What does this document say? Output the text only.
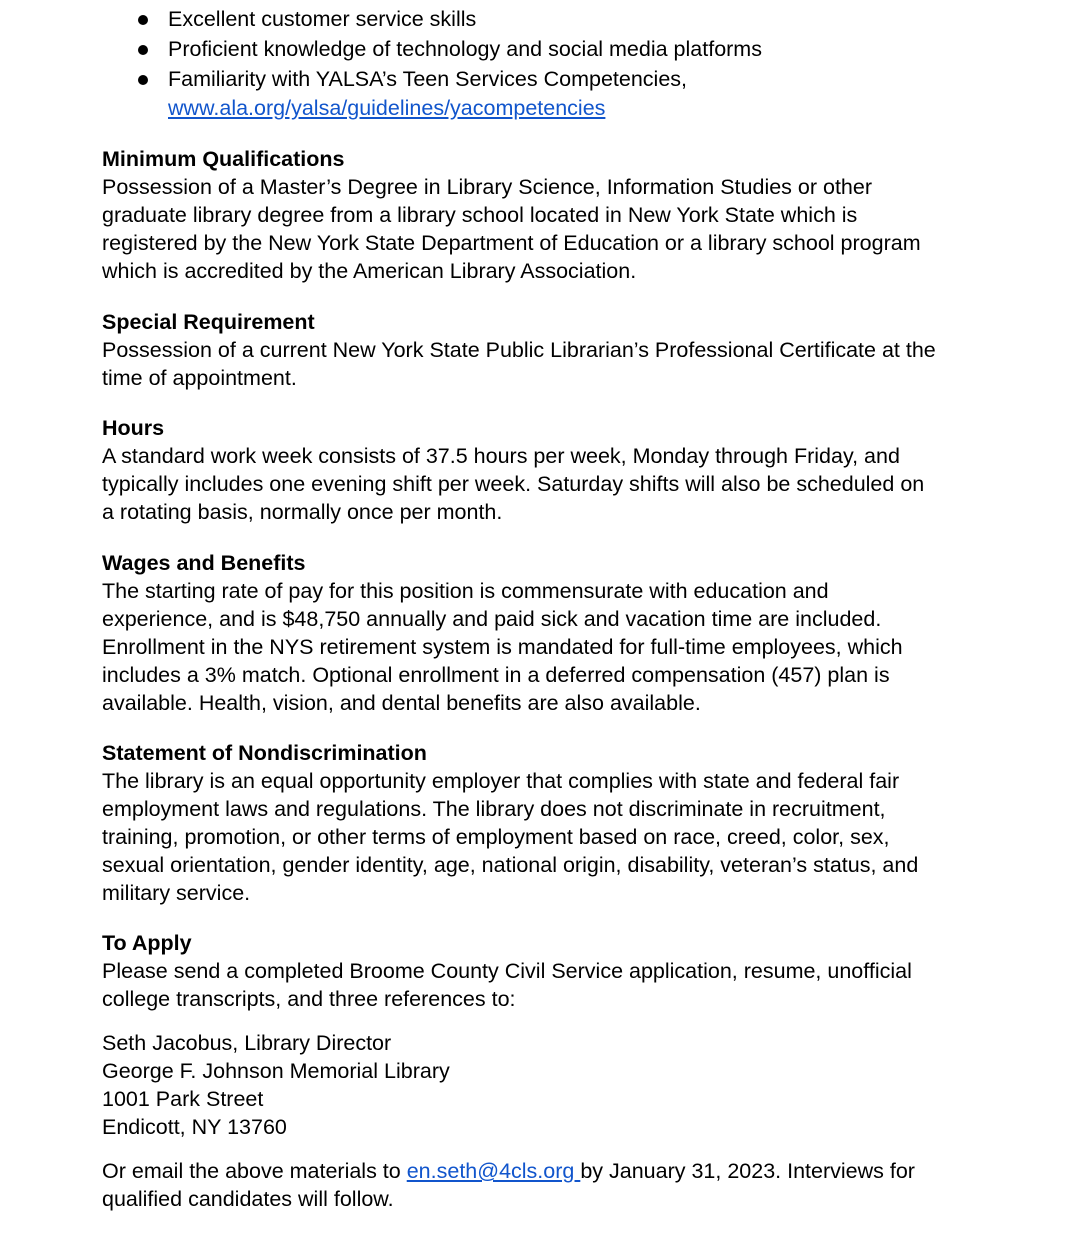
Excellent customer service skills
Proficient knowledge of technology and social media platforms
Familiarity with YALSA’s Teen Services Competencies,
www.ala.org/yalsa/guidelines/yacompetencies

Minimum Qualifications

Possession of a Master’s Degree in Library Science, Information Studies or other

graduate library degree from a library school located in New York State which is

registered by the New York State Department of Education or a library school program

which is accredited by the American Library Association.

Special Requirement

Possession of a current New York State Public Librarian’s Professional Certificate at the

time of appointment.

Hours

A standard work week consists of 37.5 hours per week, Monday through Friday, and

typically includes one evening shift per week. Saturday shifts will also be scheduled on

a rotating basis, normally once per month.

Wages and Benefits

The starting rate of pay for this position is commensurate with education and

experience, and is $48,750 annually and paid sick and vacation time are included.

Enrollment in the NYS retirement system is mandated for full-time employees, which

includes a 3% match. Optional enrollment in a deferred compensation (457) plan is

available. Health, vision, and dental benefits are also available.

Statement of Nondiscrimination

The library is an equal opportunity employer that complies with state and federal fair

employment laws and regulations. The library does not discriminate in recruitment,

training, promotion, or other terms of employment based on race, creed, color, sex,

sexual orientation, gender identity, age, national origin, disability, veteran’s status, and

military service.

To Apply

Please send a completed Broome County Civil Service application, resume, unofficial

college transcripts, and three references to:

Seth Jacobus, Library Director
George F. Johnson Memorial Library
1001 Park Street
Endicott, NY 13760

Or email the above materials to en.seth@4cls.org by January 31, 2023. Interviews for

qualified candidates will follow.
